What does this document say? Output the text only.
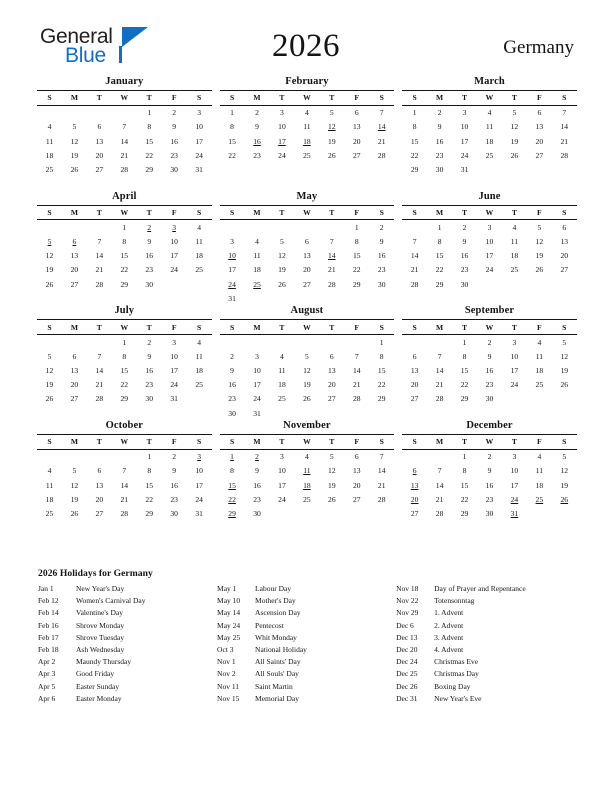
General
Blue	2026	Germany
January
S	M	T	W	T	F	S
				1	2	3
4	5	6	7	8	9	10
11	12	13	14	15	16	17
18	19	20	21	22	23	24
25	26	27	28	29	30	31

February
S	M	T	W	T	F	S
1	2	3	4	5	6	7
8	9	10	11	12	13	14
15	16	17	18	19	20	21
22	23	24	25	26	27	28

March
S	M	T	W	T	F	S
1	2	3	4	5	6	7
8	9	10	11	12	13	14
15	16	17	18	19	20	21
22	23	24	25	26	27	28
29	30	31				

April
S	M	T	W	T	F	S
			1	2	3	4
5	6	7	8	9	10	11
12	13	14	15	16	17	18
19	20	21	22	23	24	25
26	27	28	29	30		

May
S	M	T	W	T	F	S
					1	2
3	4	5	6	7	8	9
10	11	12	13	14	15	16
17	18	19	20	21	22	23
24	25	26	27	28	29	30
31						
June
S	M	T	W	T	F	S
	1	2	3	4	5	6
7	8	9	10	11	12	13
14	15	16	17	18	19	20
21	22	23	24	25	26	27
28	29	30				

July
S	M	T	W	T	F	S
			1	2	3	4
5	6	7	8	9	10	11
12	13	14	15	16	17	18
19	20	21	22	23	24	25
26	27	28	29	30	31	

August
S	M	T	W	T	F	S
						1
2	3	4	5	6	7	8
9	10	11	12	13	14	15
16	17	18	19	20	21	22
23	24	25	26	27	28	29
30	31					
September
S	M	T	W	T	F	S
		1	2	3	4	5
6	7	8	9	10	11	12
13	14	15	16	17	18	19
20	21	22	23	24	25	26
27	28	29	30			

October
S	M	T	W	T	F	S
				1	2	3
4	5	6	7	8	9	10
11	12	13	14	15	16	17
18	19	20	21	22	23	24
25	26	27	28	29	30	31

November
S	M	T	W	T	F	S
1	2	3	4	5	6	7
8	9	10	11	12	13	14
15	16	17	18	19	20	21
22	23	24	25	26	27	28
29	30					

December
S	M	T	W	T	F	S
		1	2	3	4	5
6	7	8	9	10	11	12
13	14	15	16	17	18	19
20	21	22	23	24	25	26
27	28	29	30	31		

2026 Holidays for Germany
Jan 1	New Year's Day
Feb 12	Women's Carnival Day
Feb 14	Valentine's Day
Feb 16	Shrove Monday
Feb 17	Shrove Tuesday
Feb 18	Ash Wednesday
Apr 2	Maundy Thursday
Apr 3	Good Friday
Apr 5	Easter Sunday
Apr 6	Easter Monday
May 1	Labour Day
May 10	Mother's Day
May 14	Ascension Day
May 24	Pentecost
May 25	Whit Monday
Oct 3	National Holiday
Nov 1	All Saints' Day
Nov 2	All Souls' Day
Nov 11	Saint Martin
Nov 15	Memorial Day
Nov 18	Day of Prayer and Repentance
Nov 22	Totensonntag
Nov 29	1. Advent
Dec 6	2. Advent
Dec 13	3. Advent
Dec 20	4. Advent
Dec 24	Christmas Eve
Dec 25	Christmas Day
Dec 26	Boxing Day
Dec 31	New Year's Eve
